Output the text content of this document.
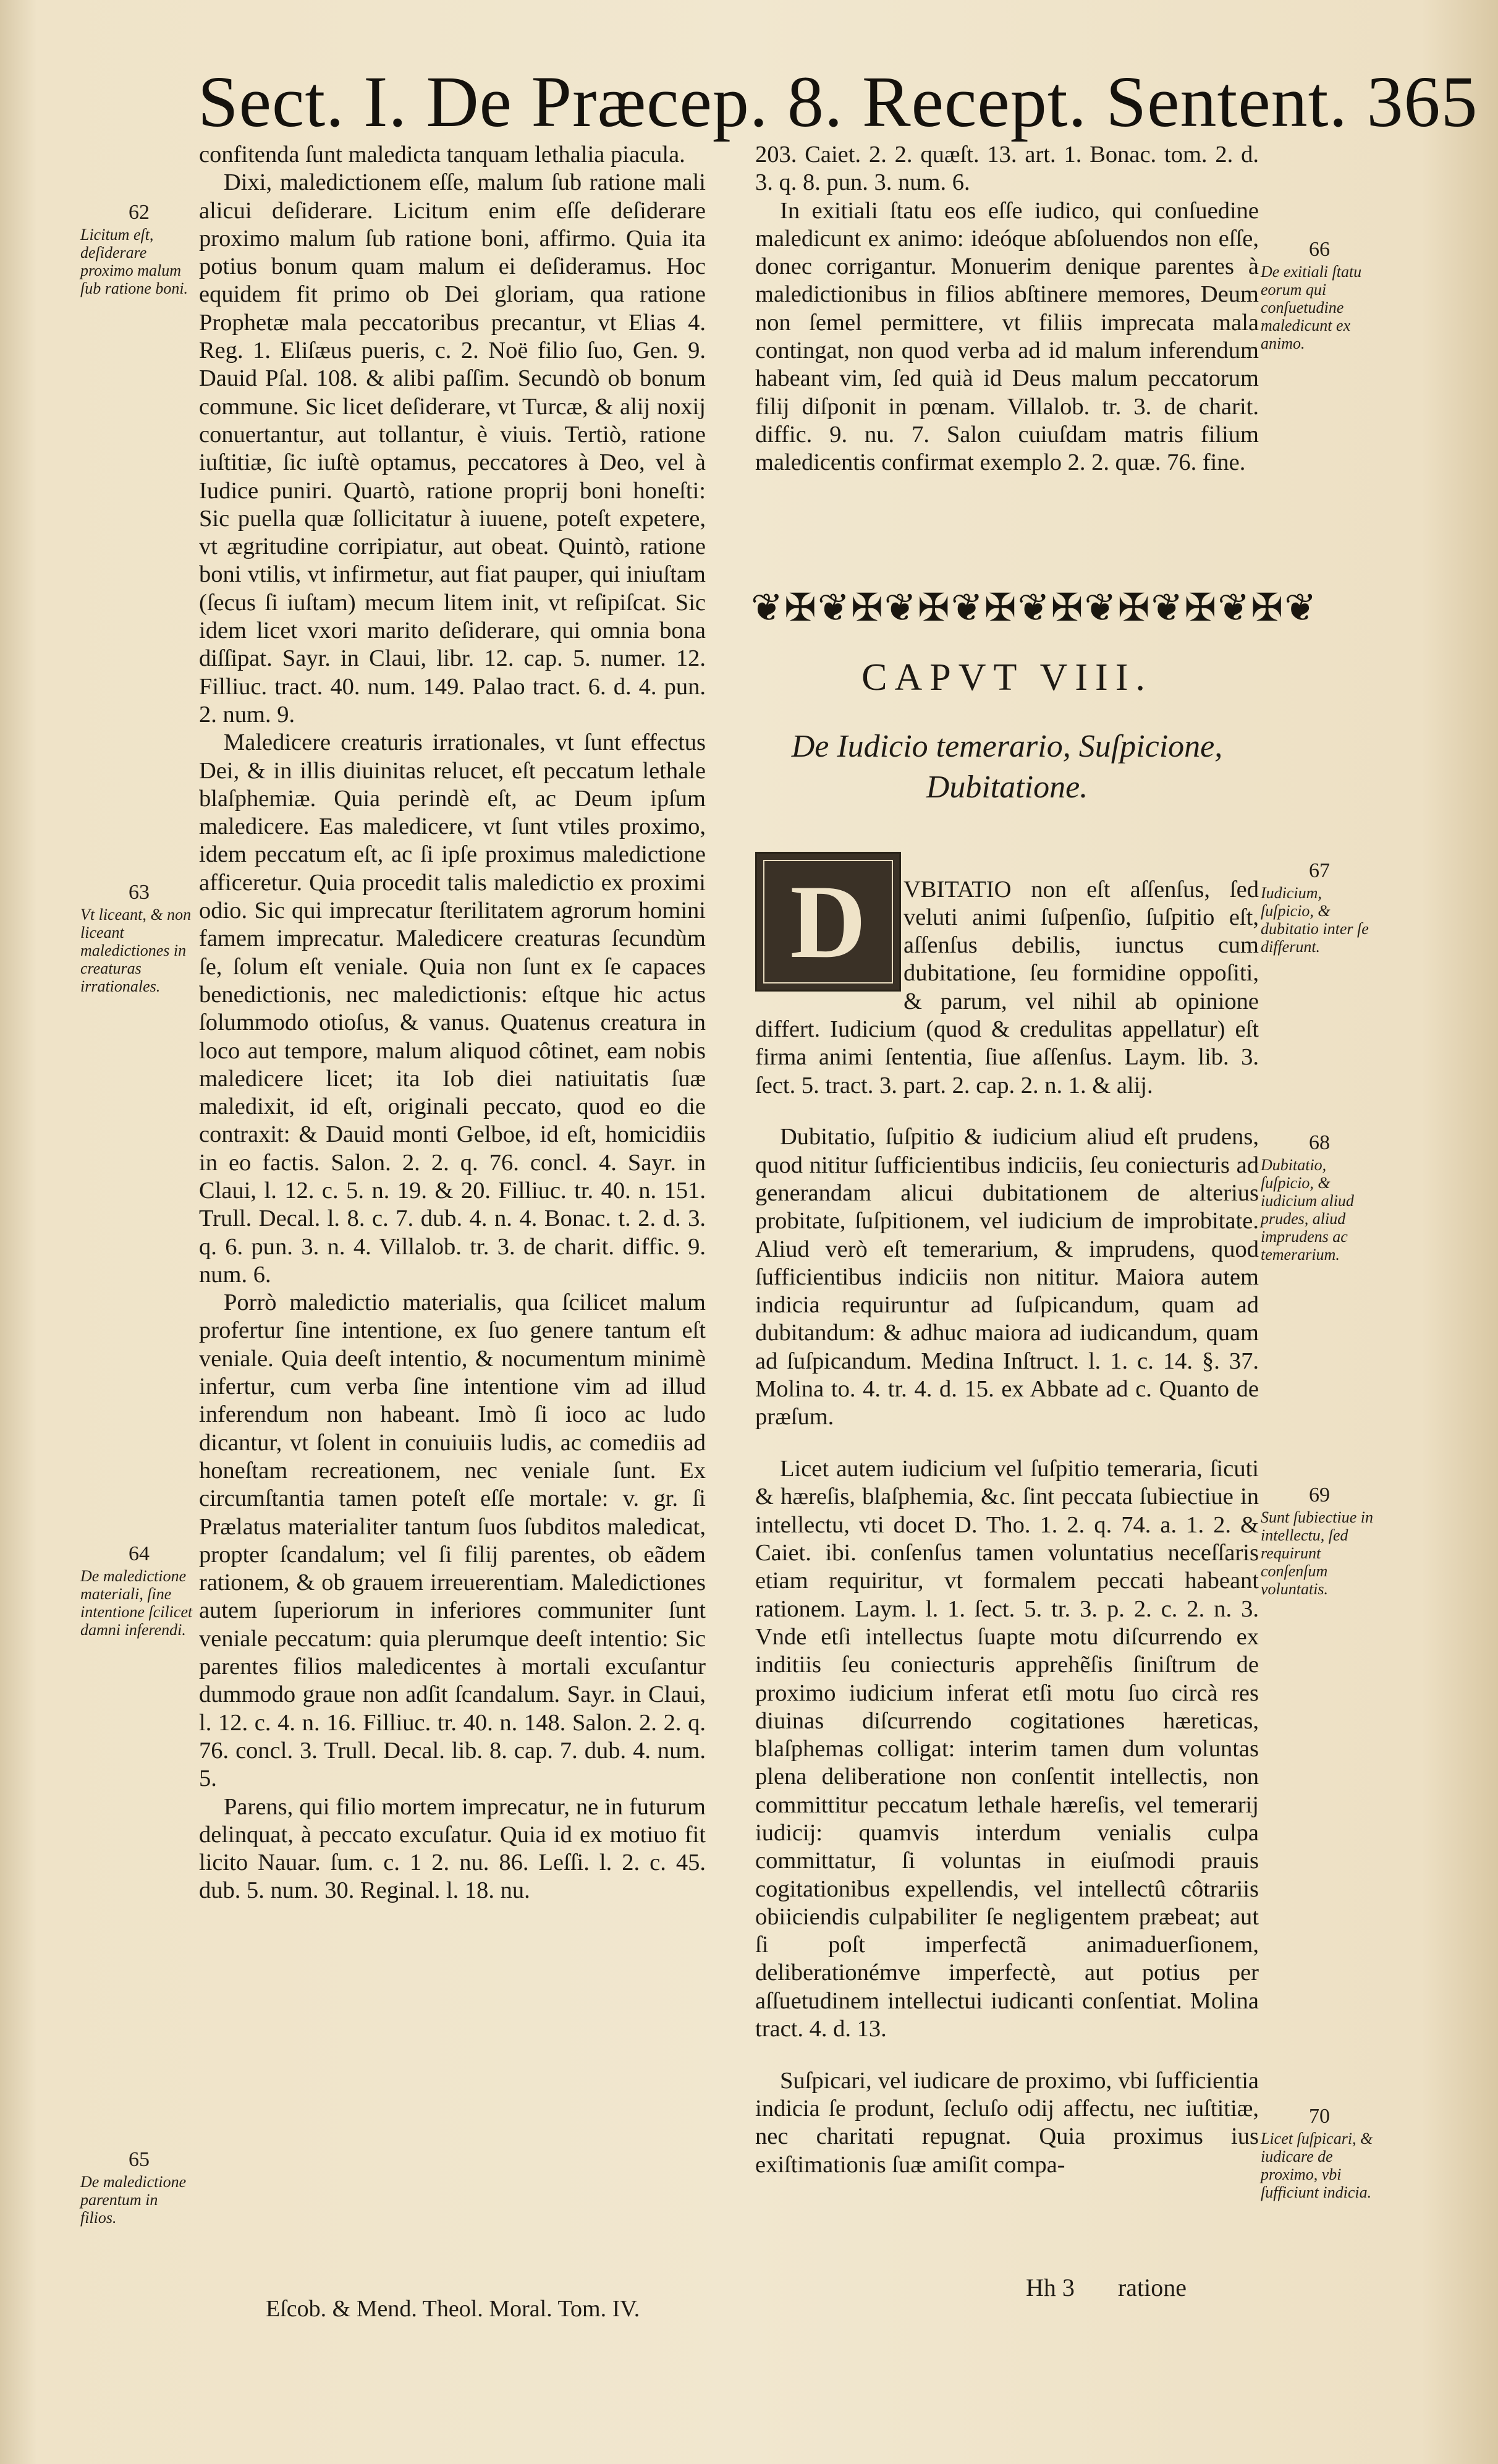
Sect. I. De Præcep. 8. Recept. Sentent. 365

confitenda ſunt maledicta tanquam lethalia piacula.

Dixi, maledictionem eſſe, malum ſub ratione mali alicui deſiderare. Licitum enim eſſe deſiderare proximo malum ſub ratione boni, affirmo. Quia ita potius bonum quam malum ei deſideramus. Hoc equidem fit primo ob Dei gloriam, qua ratione Prophetæ mala peccatoribus precantur, vt Elias 4. Reg. 1. Eliſæus pueris, c. 2. Noë filio ſuo, Gen. 9. Dauid Pſal. 108. & alibi paſſim. Secundò ob bonum commune. Sic licet deſiderare, vt Turcæ, & alij noxij conuertantur, aut tollantur, è viuis. Tertiò, ratione iuſtitiæ, ſic iuſtè optamus, peccatores à Deo, vel à Iudice puniri. Quartò, ratione proprij boni honeſti: Sic puella quæ ſollicitatur à iuuene, poteſt expetere, vt ægritudine corripiatur, aut obeat. Quintò, ratione boni vtilis, vt infirmetur, aut fiat pauper, qui iniuſtam (ſecus ſi iuſtam) mecum litem init, vt reſipiſcat. Sic idem licet vxori marito deſiderare, qui omnia bona diſſipat. Sayr. in Claui, libr. 12. cap. 5. numer. 12. Filliuc. tract. 40. num. 149. Palao tract. 6. d. 4. pun. 2. num. 9.

Maledicere creaturis irrationales, vt ſunt effectus Dei, & in illis diuinitas relucet, eſt peccatum lethale blaſphemiæ. Quia perindè eſt, ac Deum ipſum maledicere. Eas maledicere, vt ſunt vtiles proximo, idem peccatum eſt, ac ſi ipſe proximus maledictione afficeretur. Quia procedit talis maledictio ex proximi odio. Sic qui imprecatur ſterilitatem agrorum homini famem imprecatur. Maledicere creaturas ſecundùm ſe, ſolum eſt veniale. Quia non ſunt ex ſe capaces benedictionis, nec maledictionis: eſtque hic actus ſolummodo otioſus, & vanus. Quatenus creatura in loco aut tempore, malum aliquod côtinet, eam nobis maledicere licet; ita Iob diei natiuitatis ſuæ maledixit, id eſt, originali peccato, quod eo die contraxit: & Dauid monti Gelboe, id eſt, homicidiis in eo factis. Salon. 2. 2. q. 76. concl. 4. Sayr. in Claui, l. 12. c. 5. n. 19. & 20. Filliuc. tr. 40. n. 151. Trull. Decal. l. 8. c. 7. dub. 4. n. 4. Bonac. t. 2. d. 3. q. 6. pun. 3. n. 4. Villalob. tr. 3. de charit. diffic. 9. num. 6.

Porrò maledictio materialis, qua ſcilicet malum profertur ſine intentione, ex ſuo genere tantum eſt veniale. Quia deeſt intentio, & nocumentum minimè infertur, cum verba ſine intentione vim ad illud inferendum non habeant. Imò ſi ioco ac ludo dicantur, vt ſolent in conuiuiis ludis, ac comediis ad honeſtam recreationem, nec veniale ſunt. Ex circumſtantia tamen poteſt eſſe mortale: v. gr. ſi Prælatus materialiter tantum ſuos ſubditos maledicat, propter ſcandalum; vel ſi filij parentes, ob eãdem rationem, & ob grauem irreuerentiam. Maledictiones autem ſuperiorum in inferiores communiter ſunt veniale peccatum: quia plerumque deeſt intentio: Sic parentes filios maledicentes à mortali excuſantur dummodo graue non adſit ſcandalum. Sayr. in Claui, l. 12. c. 4. n. 16. Filliuc. tr. 40. n. 148. Salon. 2. 2. q. 76. concl. 3. Trull. Decal. lib. 8. cap. 7. dub. 4. num. 5.

Parens, qui filio mortem imprecatur, ne in futurum delinquat, à peccato excuſatur. Quia id ex motiuo fit licito Nauar. ſum. c. 1 2. nu. 86. Leſſi. l. 2. c. 45. dub. 5. num. 30. Reginal. l. 18. nu.

62
Licitum eſt, deſiderare proximo malum ſub ratione boni.
63
Vt liceant, & non liceant maledictiones in creaturas irrationales.
64
De maledictione materiali, ſine intentione ſcilicet damni inferendi.
65
De maledictione parentum in filios.

203. Caiet. 2. 2. quæſt. 13. art. 1. Bonac. tom. 2. d. 3. q. 8. pun. 3. num. 6.

In exitiali ſtatu eos eſſe iudico, qui conſuedine maledicunt ex animo: ideóque abſoluendos non eſſe, donec corrigantur. Monuerim denique parentes à maledictionibus in filios abſtinere memores, Deum non ſemel permittere, vt filiis imprecata mala contingat, non quod verba ad id malum inferendum habeant vim, ſed quià id Deus malum peccatorum filij diſponit in pœnam. Villalob. tr. 3. de charit. diffic. 9. nu. 7. Salon cuiuſdam matris filium maledicentis confirmat exemplo 2. 2. quæ. 76. fine.

❦✠❦✠❦✠❦✠❦✠❦✠❦✠❦✠❦
CAPVT VIII.
De Iudicio temerario, Suſpicione, Dubitatione.

VBITATIO non eſt aſſenſus, ſed veluti animi ſuſpenſio, ſuſpitio eſt, aſſenſus debilis, iunctus cum dubitatione, ſeu formidine oppoſiti, & parum, vel nihil ab opinione differt. Iudicium (quod & credulitas appellatur) eſt firma animi ſententia, ſiue aſſenſus. Laym. lib. 3. ſect. 5. tract. 3. part. 2. cap. 2. n. 1. & alij.

Dubitatio, ſuſpitio & iudicium aliud eſt prudens, quod nititur ſufficientibus indiciis, ſeu coniecturis ad generandam alicui dubitationem de alterius probitate, ſuſpitionem, vel iudicium de improbitate. Aliud verò eſt temerarium, & imprudens, quod ſufficientibus indiciis non nititur. Maiora autem indicia requiruntur ad ſuſpicandum, quam ad dubitandum: & adhuc maiora ad iudicandum, quam ad ſuſpicandum. Medina Inſtruct. l. 1. c. 14. §. 37. Molina to. 4. tr. 4. d. 15. ex Abbate ad c. Quanto de præſum.

Licet autem iudicium vel ſuſpitio temeraria, ſicuti & hæreſis, blaſphemia, &c. ſint peccata ſubiectiue in intellectu, vti docet D. Tho. 1. 2. q. 74. a. 1. 2. & Caiet. ibi. conſenſus tamen voluntatius neceſſaris etiam requiritur, vt formalem peccati habeant rationem. Laym. l. 1. ſect. 5. tr. 3. p. 2. c. 2. n. 3. Vnde etſi intellectus ſuapte motu diſcurrendo ex inditiis ſeu coniecturis apprehẽſis ſiniſtrum de proximo iudicium inferat etſi motu ſuo circà res diuinas diſcurrendo cogitationes hæreticas, blaſphemas colligat: interim tamen dum voluntas plena deliberatione non conſentit intellectis, non committitur peccatum lethale hæreſis, vel temerarij iudicij: quamvis interdum venialis culpa committatur, ſi voluntas in eiuſmodi prauis cogitationibus expellendis, vel intellectû côtrariis obiiciendis culpabiliter ſe negligentem præbeat; aut ſi poſt imperfectã animaduerſionem, deliberationémve imperfectè, aut potius per aſſuetudinem intellectui iudicanti conſentiat. Molina tract. 4. d. 13.

Suſpicari, vel iudicare de proximo, vbi ſufficientia indicia ſe produnt, ſecluſo odij affectu, nec iuſtitiæ, nec charitati repugnat. Quia proximus ius exiſtimationis ſuæ amiſit compa-

D
66
De exitiali ſtatu eorum qui conſuetudine maledicunt ex animo.
67
Iudicium, ſuſpicio, & dubitatio inter ſe differunt.
68
Dubitatio, ſuſpicio, & iudicium aliud prudes, aliud imprudens ac temerarium.
69
Sunt ſubiectiue in intellectu, ſed requirunt conſenſum voluntatis.
70
Licet ſuſpicari, & iudicare de proximo, vbi ſufficiunt indicia.
Eſcob. & Mend. Theol. Moral. Tom. IV.
Hh 3 ratione
